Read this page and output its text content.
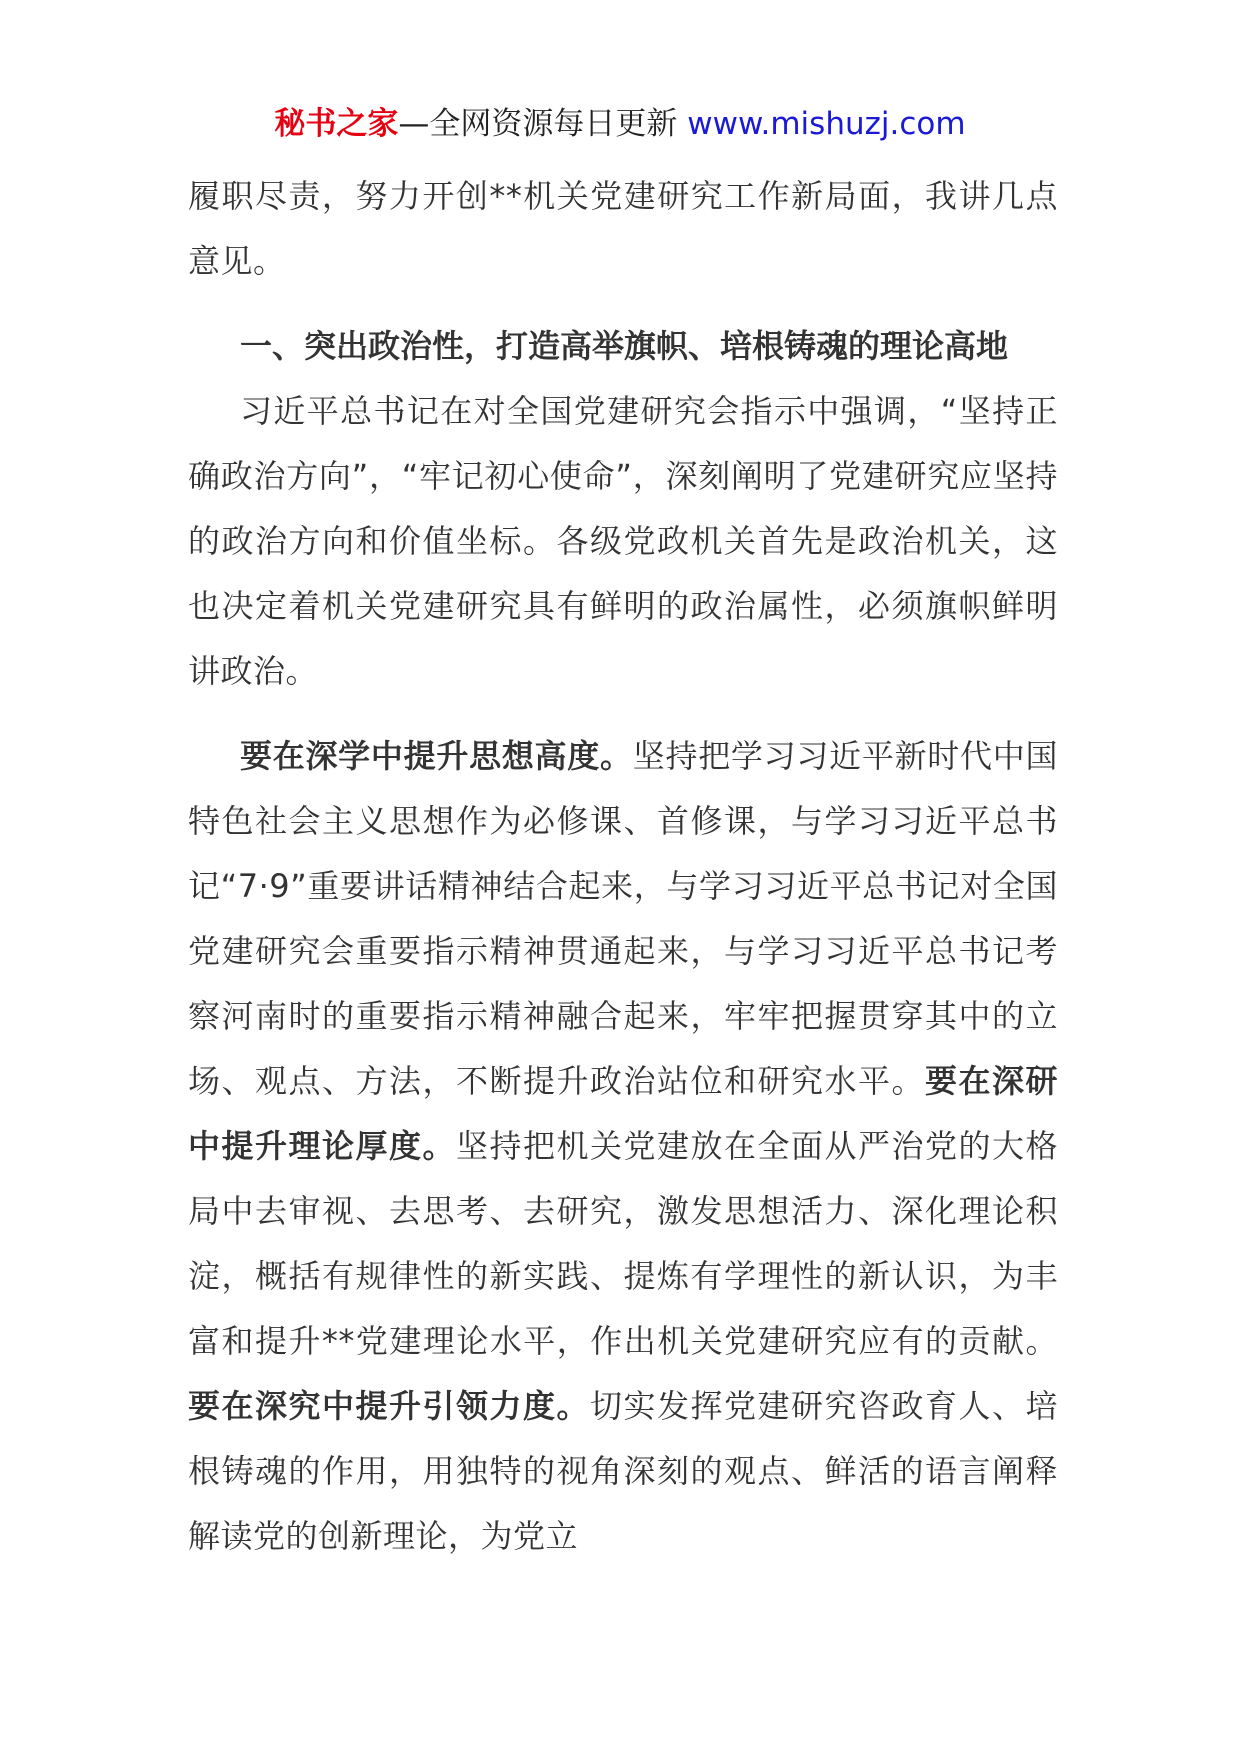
秘书之家—全网资源每日更新 www.mishuzj.com

履职尽责，努力开创**机关党建研究工作新局面，我讲几点意见。

一、突出政治性，打造高举旗帜、培根铸魂的理论高地

习近平总书记在对全国党建研究会指示中强调，“坚持正确政治方向”，“牢记初心使命”，深刻阐明了党建研究应坚持的政治方向和价值坐标。各级党政机关首先是政治机关，这也决定着机关党建研究具有鲜明的政治属性，必须旗帜鲜明讲政治。

要在深学中提升思想高度。坚持把学习习近平新时代中国特色社会主义思想作为必修课、首修课，与学习习近平总书记“7·9”重要讲话精神结合起来，与学习习近平总书记对全国党建研究会重要指示精神贯通起来，与学习习近平总书记考察河南时的重要指示精神融合起来，牢牢把握贯穿其中的立场、观点、方法，不断提升政治站位和研究水平。要在深研中提升理论厚度。坚持把机关党建放在全面从严治党的大格局中去审视、去思考、去研究，激发思想活力、深化理论积淀，概括有规律性的新实践、提炼有学理性的新认识，为丰富和提升**党建理论水平，作出机关党建研究应有的贡献。要在深究中提升引领力度。切实发挥党建研究咨政育人、培根铸魂的作用，用独特的视角深刻的观点、鲜活的语言阐释解读党的创新理论，为党立
